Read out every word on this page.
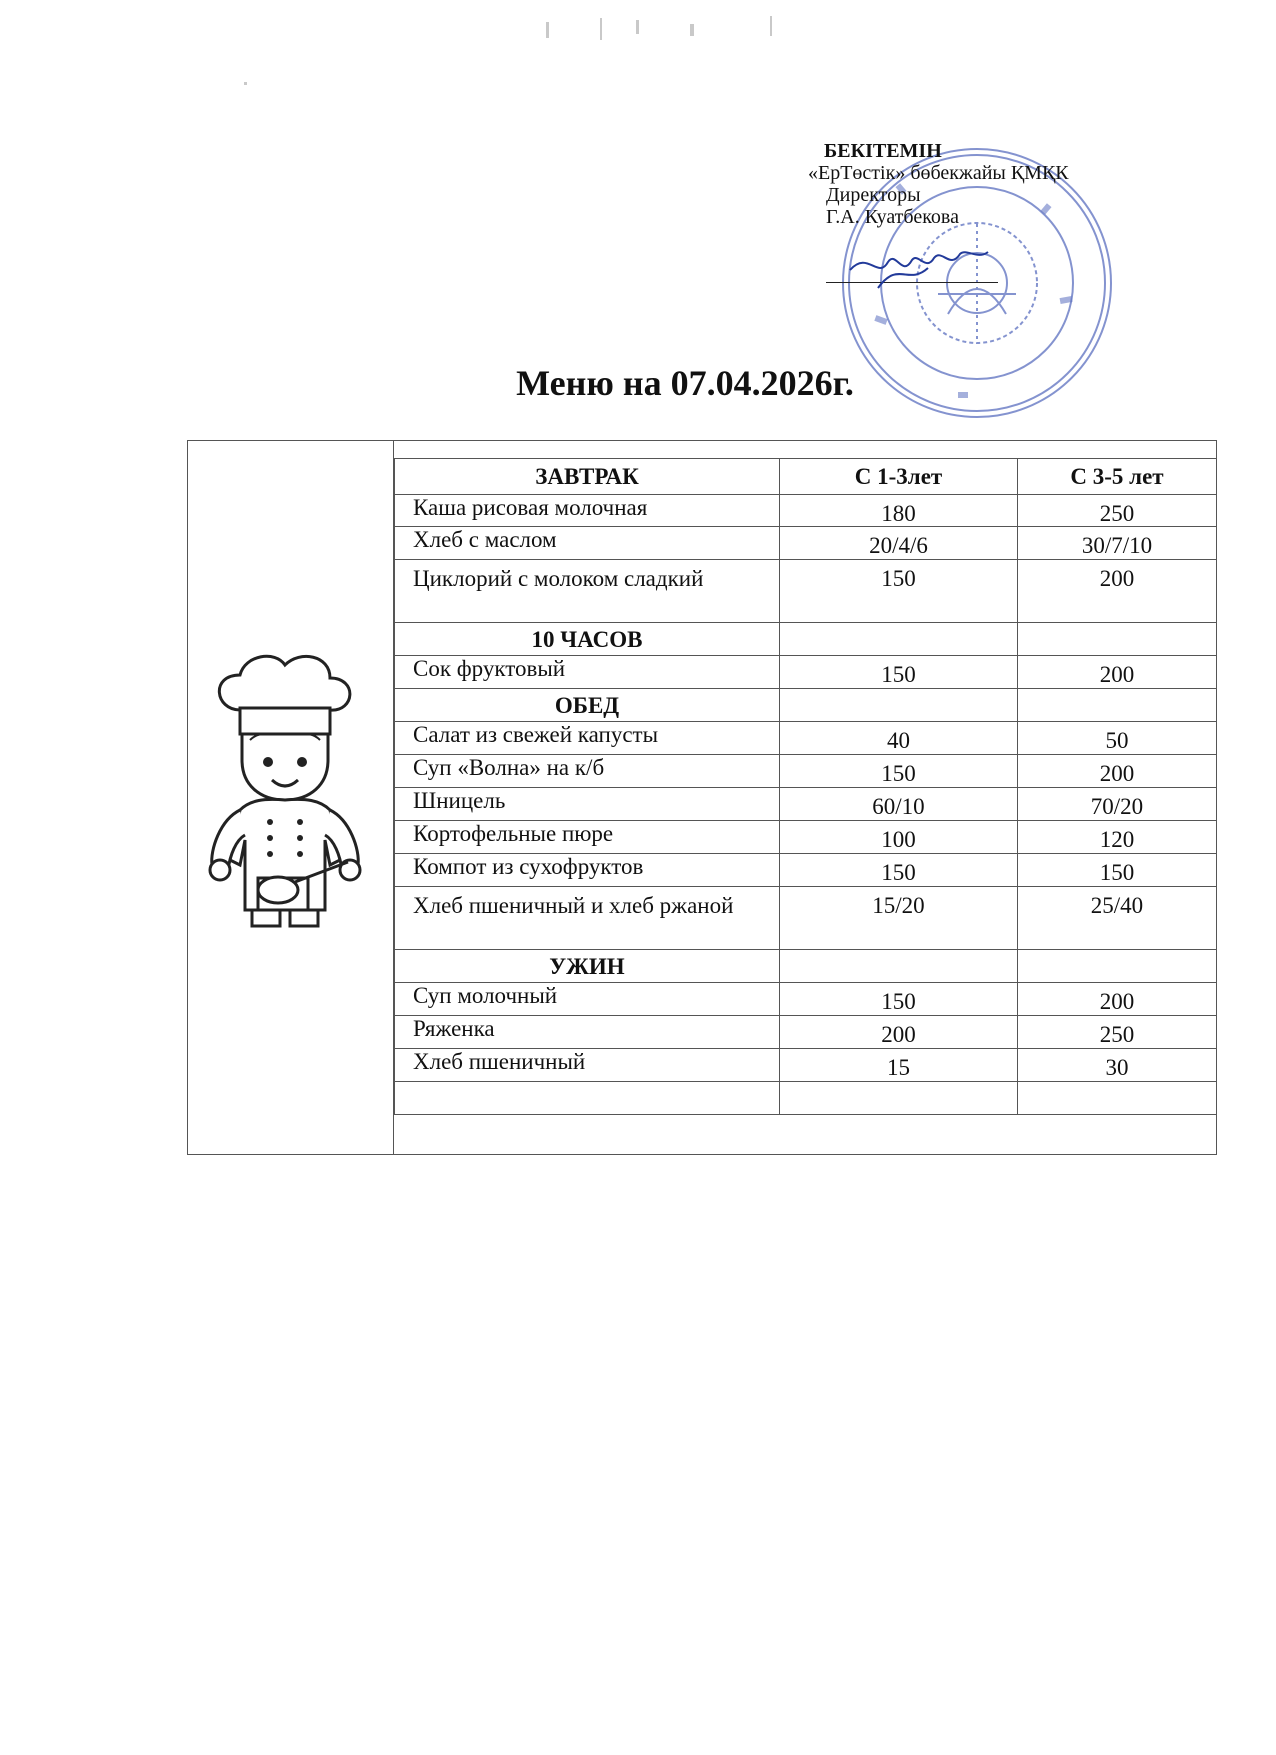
БЕКІТЕМІН
«ЕрТөстік» бөбекжайы ҚМҚК
Директоры
Г.А. Куатбекова
Меню на 07.04.2026г.
ЗАВТРАК	С 1-3лет	С 3-5 лет
Каша рисовая молочная	180	250
Хлеб с маслом	20/4/6	30/7/10
Циклорий с молоком сладкий	150	200
10 ЧАСОВ		
Сок фруктовый	150	200
ОБЕД		
Салат из свежей капусты	40	50
Суп «Волна» на к/б	150	200
Шницель	60/10	70/20
Кортофельные пюре	100	120
Компот из сухофруктов	150	150
Хлеб пшеничный и хлеб ржаной	15/20	25/40
УЖИН		
Суп молочный	150	200
Ряженка	200	250
Хлеб пшеничный	15	30
